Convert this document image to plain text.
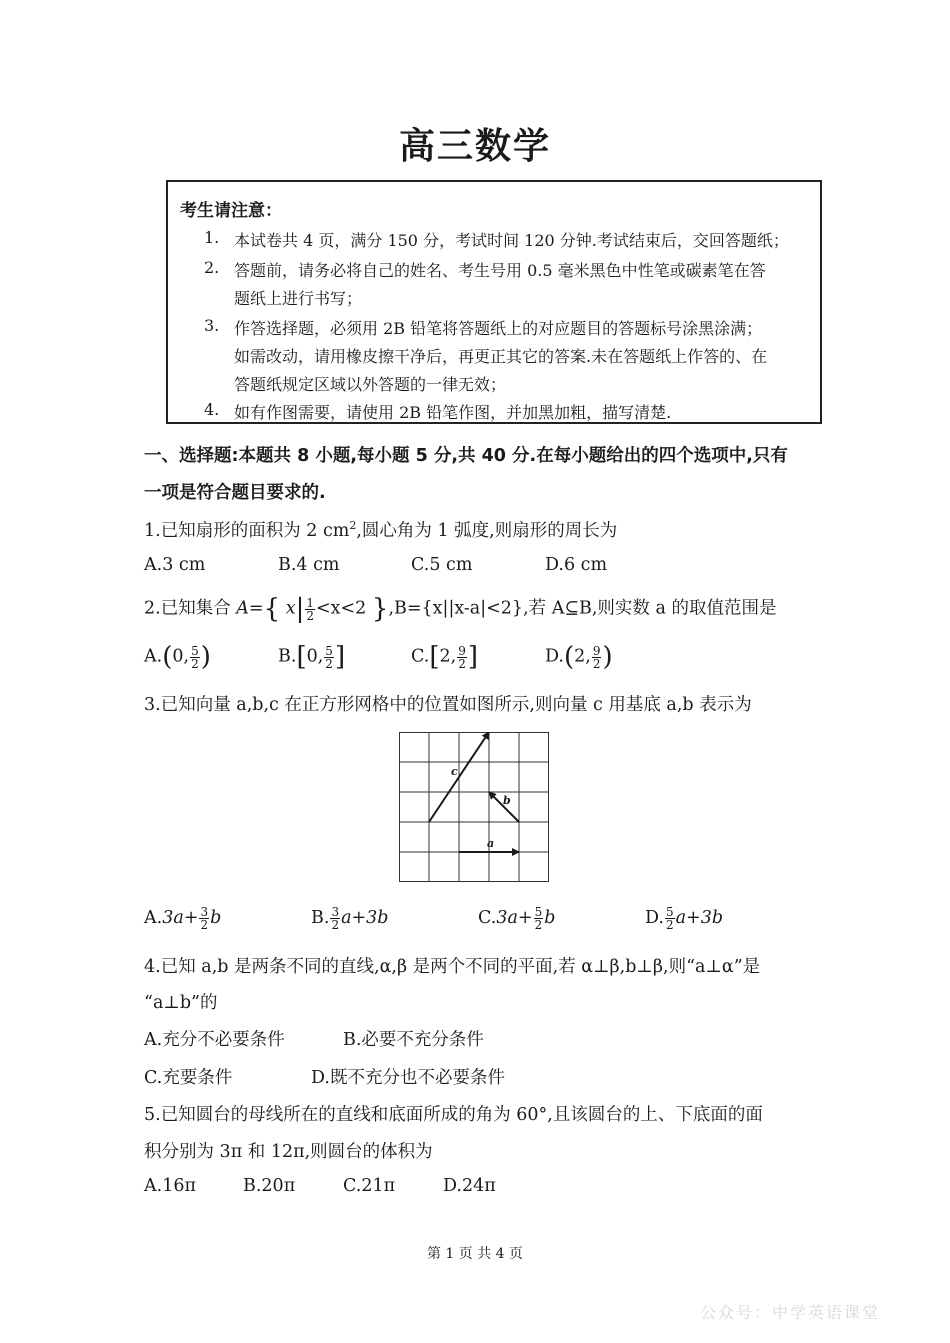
高三数学
考生请注意：
1. 本试卷共 4 页，满分 150 分，考试时间 120 分钟.考试结束后，交回答题纸；
2. 答题前，请务必将自己的姓名、考生号用 0.5 毫米黑色中性笔或碳素笔在答
题纸上进行书写；
3. 作答选择题，必须用 2B 铅笔将答题纸上的对应题目的答题标号涂黑涂满；
如需改动，请用橡皮擦干净后，再更正其它的答案.未在答题纸上作答的、在
答题纸规定区域以外答题的一律无效；
4. 如有作图需要，请使用 2B 铅笔作图，并加黑加粗，描写清楚.
一、选择题:本题共 8 小题,每小题 5 分,共 40 分.在每小题给出的四个选项中,只有
一项是符合题目要求的.
1.已知扇形的面积为 2 $cm^2$,圆心角为 1 弧度,则扇形的周长为
A.3 cm	B.4 cm	C.5 cm	D.6 cm
2.已知集合 A={ $x| \frac{1}{2} <x<2$ },B={x||x-a|<2},若 A⊆B,则实数 a 的取值范围是
A.(0, $\frac{5}{2}$ )	B.[0, $\frac{5}{2}$ ]	C.[2, $\frac{9}{2}$ ]	D.(2, $\frac{9}{2}$ )
3.已知向量 a,b,c 在正方形网格中的位置如图所示,则向量 c 用基底 a,b 表示为
c
b
a
$A.3a+ \frac{3}{2}$ b	B. $\frac{3}{2} a+3b$	$C.3a+ \frac{5}{2}$ b	D. $\frac{5}{2} a+3b$
4.已知 a,b 是两条不同的直线,α,β 是两个不同的平面,若 α⊥β,b⊥β,则“a⊥α”是
“a⊥b”的
A.充分不必要条件	B.必要不充分条件
C.充要条件	D.既不充分也不必要条件
5.已知圆台的母线所在的直线和底面所成的角为 60°,且该圆台的上、下底面的面
积分别为 3π 和 12π,则圆台的体积为
A.16π	B.20π	C.21π	D.24π
第 1 页 共 4 页
公众号：中学英语课堂
